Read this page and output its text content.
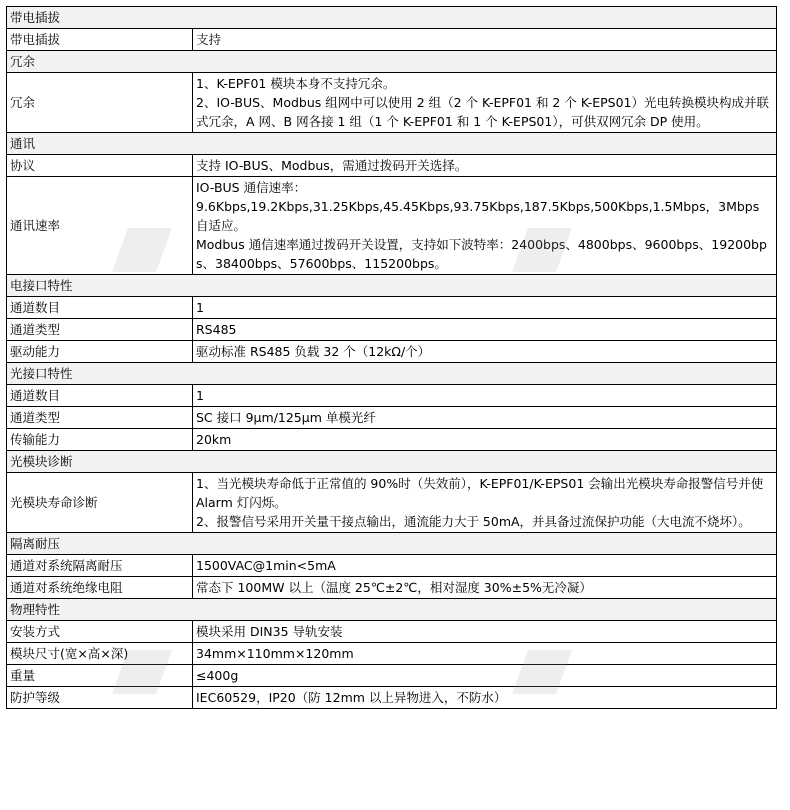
带电插拔	
带电插拔	支持

冗余	
冗余	1、K-EPF01 模块本身不支持冗余。
2、IO-BUS、Modbus 组网中可以使用 2 组（2 个 K-EPF01 和 2 个 K-EPS01）光电转换模块构成并联式冗余，A 网、B 网各接 1 组（1 个 K-EPF01 和 1 个 K-EPS01），可供双网冗余 DP 使用。

通讯	
协议	支持 IO-BUS、Modbus，需通过拨码开关选择。

通讯速率	IO-BUS 通信速率：
9.6Kbps,19.2Kbps,31.25Kbps,45.45Kbps,93.75Kbps,187.5Kbps,500Kbps,1.5Mbps，3Mbps 自适应。
Modbus 通信速率通过拨码开关设置，支持如下波特率：2400bps、4800bps、9600bps、19200bps、38400bps、57600bps、115200bps。

电接口特性	
通道数目	1

通道类型	RS485

驱动能力	驱动标准 RS485 负载 32 个（12kΩ/个）

光接口特性	
通道数目	1

通道类型	SC 接口 9μm/125μm 单模光纤

传输能力	20km

光模块诊断	
光模块寿命诊断	1、当光模块寿命低于正常值的 90%时（失效前），K-EPF01/K-EPS01 会输出光模块寿命报警信号并使 Alarm 灯闪烁。
2、报警信号采用开关量干接点输出，通流能力大于 50mA，并具备过流保护功能（大电流不烧坏）。

隔离耐压	
通道对系统隔离耐压	1500VAC@1min<5mA

通道对系统绝缘电阻	常态下 100MW 以上（温度 25℃±2℃，相对湿度 30%±5%无冷凝）

物理特性	
安装方式	模块采用 DIN35 导轨安装

模块尺寸(宽×高×深)	34mm×110mm×120mm

重量	≤400g

防护等级	IEC60529，IP20（防 12mm 以上异物进入，不防水）
